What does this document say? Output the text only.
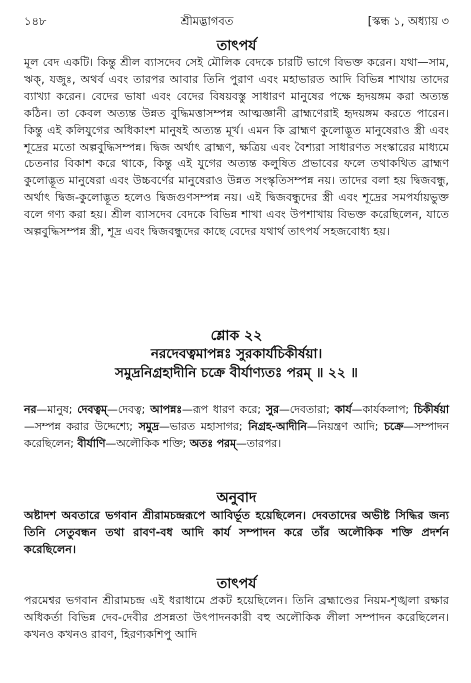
১৪৮	শ্রীমদ্ভাগবত	[স্কন্ধ ১, অধ্যায় ৩

তাৎপর্য

মূল বেদ একটি। কিন্তু শ্রীল ব্যাসদেব সেই মৌলিক বেদকে চারটি ভাগে বিভক্ত করেন। যথা—সাম, ঋক্‌, যজুঃ, অথর্ব এবং তারপর আবার তিনি পুরাণ এবং মহাভারত আদি বিভিন্ন শাখায় তাদের ব্যাখ্যা করেন। বেদের ভাষা এবং বেদের বিষয়বস্তু সাধারণ মানুষের পক্ষে হৃদয়ঙ্গম করা অত্যন্ত কঠিন। তা কেবল অত্যন্ত উন্নত বুদ্ধিমত্তাসম্পন্ন আত্মজ্ঞানী ব্রাহ্মণেরাই হৃদয়ঙ্গম করতে পারেন। কিন্তু এই কলিযুগের অধিকাংশ মানুষই অত্যন্ত মূর্খ। এমন কি ব্রাহ্মণ কুলোদ্ভূত মানুষেরাও স্ত্রী এবং শূদ্রের মতো অল্পবুদ্ধিসম্পন্ন। দ্বিজ অর্থাৎ ব্রাহ্মণ, ক্ষত্রিয় এবং বৈশ্যরা সাধারণত সংস্কারের মাধ্যমে চেতনার বিকাশ করে থাকে, কিন্তু এই যুগের অত্যন্ত কলুষিত প্রভাবের ফলে তথাকথিত ব্রাহ্মণ কুলোদ্ভূত মানুষেরা এবং উচ্চবর্ণের মানুষেরাও উন্নত সংস্কৃতিসম্পন্ন নয়। তাদের বলা হয় দ্বিজবন্ধু, অর্থাৎ দ্বিজ-কুলোদ্ভূত হলেও দ্বিজগুণসম্পন্ন নয়। এই দ্বিজবন্ধুদের স্ত্রী এবং শূদ্রের সমপর্যায়ভুক্ত বলে গণ্য করা হয়। শ্রীল ব্যাসদেব বেদকে বিভিন্ন শাখা এবং উপশাখায় বিভক্ত করেছিলেন, যাতে অল্পবুদ্ধিসম্পন্ন স্ত্রী, শূদ্র এবং দ্বিজবন্ধুদের কাছে বেদের যথার্থ তাৎপর্য সহজবোধ্য হয়।

শ্লোক ২২

নরদেবত্বমাপন্নঃ সুরকার্যচিকীর্ষয়া।

সমুদ্রনিগ্রহাদীনি চক্রে বীর্যাণ্যতঃ পরম্‌ ॥ ২২ ॥

নর—মানুষ; দেবত্বম্—দেবত্ব; আপন্নঃ—রূপ ধারণ করে; সুর—দেবতারা; কার্য—কার্যকলাপ; চিকীর্ষয়া—সম্পন্ন করার উদ্দেশ্যে; সমুদ্র—ভারত মহাসাগর; নিগ্রহ-আদীনি—নিয়ন্ত্রণ আদি; চক্রে—সম্পাদন করেছিলেন; বীর্যাণি—অলৌকিক শক্তি; অতঃ পরম্—তারপর।

অনুবাদ

অষ্টাদশ অবতারে ভগবান শ্রীরামচন্দ্ররূপে আবির্ভূত হয়েছিলেন। দেবতাদের অভীষ্ট সিদ্ধির জন্য তিনি সেতুবন্ধন তথা রাবণ-বধ আদি কার্য সম্পাদন করে তাঁর অলৌকিক শক্তি প্রদর্শন করেছিলেন।

তাৎপর্য

পরমেশ্বর ভগবান শ্রীরামচন্দ্র এই ধরাধামে প্রকট হয়েছিলেন। তিনি ব্রহ্মাণ্ডের নিয়ম-শৃঙ্খলা রক্ষার অধিকর্তা বিভিন্ন দেব-দেবীর প্রসন্নতা উৎপাদনকারী বহু অলৌকিক লীলা সম্পাদন করেছিলেন। কখনও কখনও রাবণ, হিরণ্যকশিপু আদি
